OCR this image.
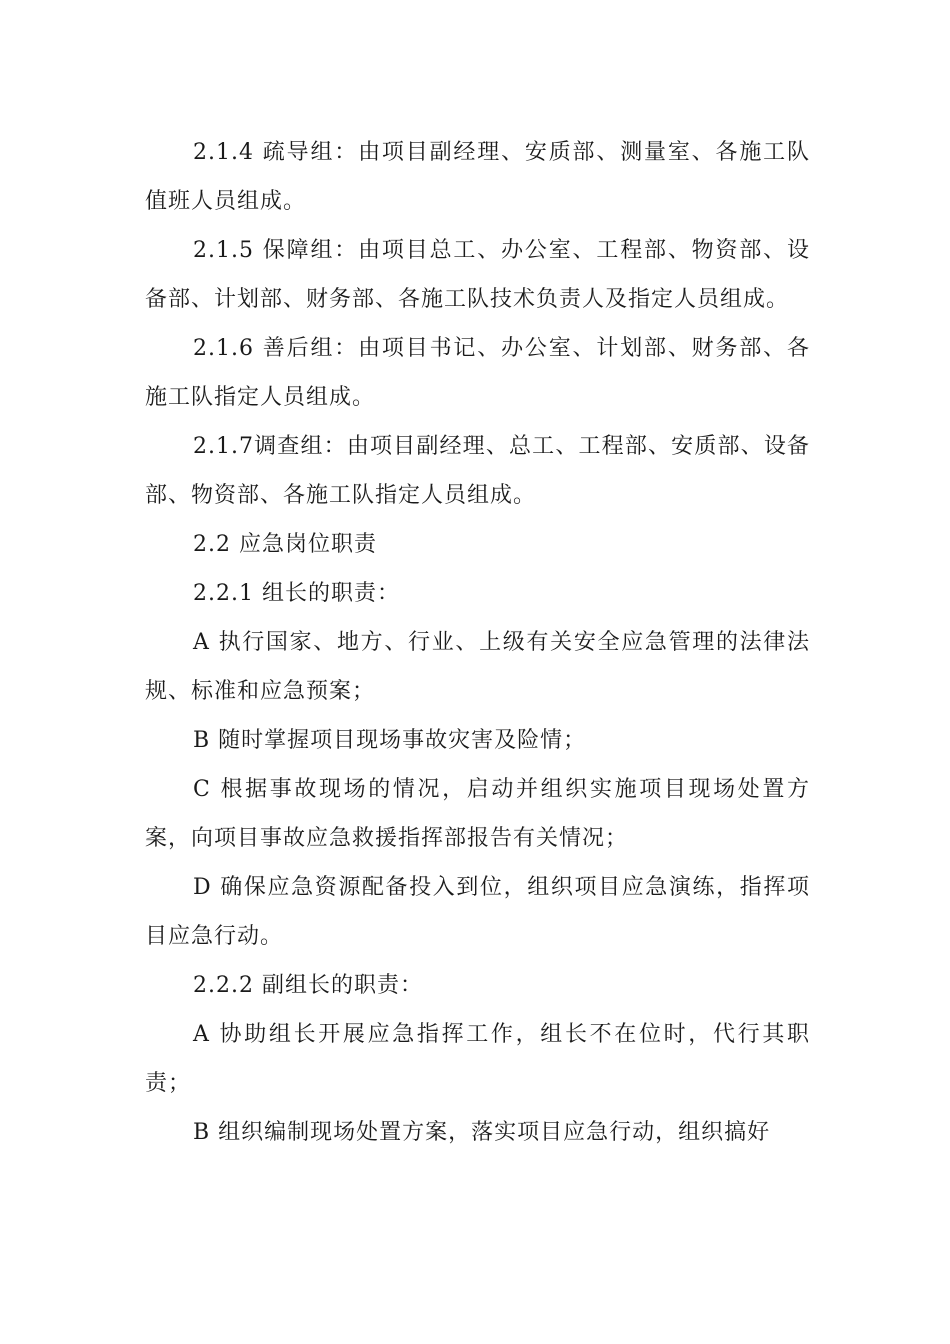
2.1.4 疏导组：由项目副经理、安质部、测量室、各施工队值班人员组成。

2.1.5 保障组：由项目总工、办公室、工程部、物资部、设备部、计划部、财务部、各施工队技术负责人及指定人员组成。

2.1.6 善后组：由项目书记、办公室、计划部、财务部、各施工队指定人员组成。

2.1.7调查组：由项目副经理、总工、工程部、安质部、设备部、物资部、各施工队指定人员组成。

2.2 应急岗位职责

2.2.1 组长的职责：

A 执行国家、地方、行业、上级有关安全应急管理的法律法规、标准和应急预案；

B 随时掌握项目现场事故灾害及险情；

C 根据事故现场的情况，启动并组织实施项目现场处置方案，向项目事故应急救援指挥部报告有关情况；

D 确保应急资源配备投入到位，组织项目应急演练，指挥项目应急行动。

2.2.2 副组长的职责：

A 协助组长开展应急指挥工作，组长不在位时，代行其职责；

B 组织编制现场处置方案，落实项目应急行动，组织搞好
